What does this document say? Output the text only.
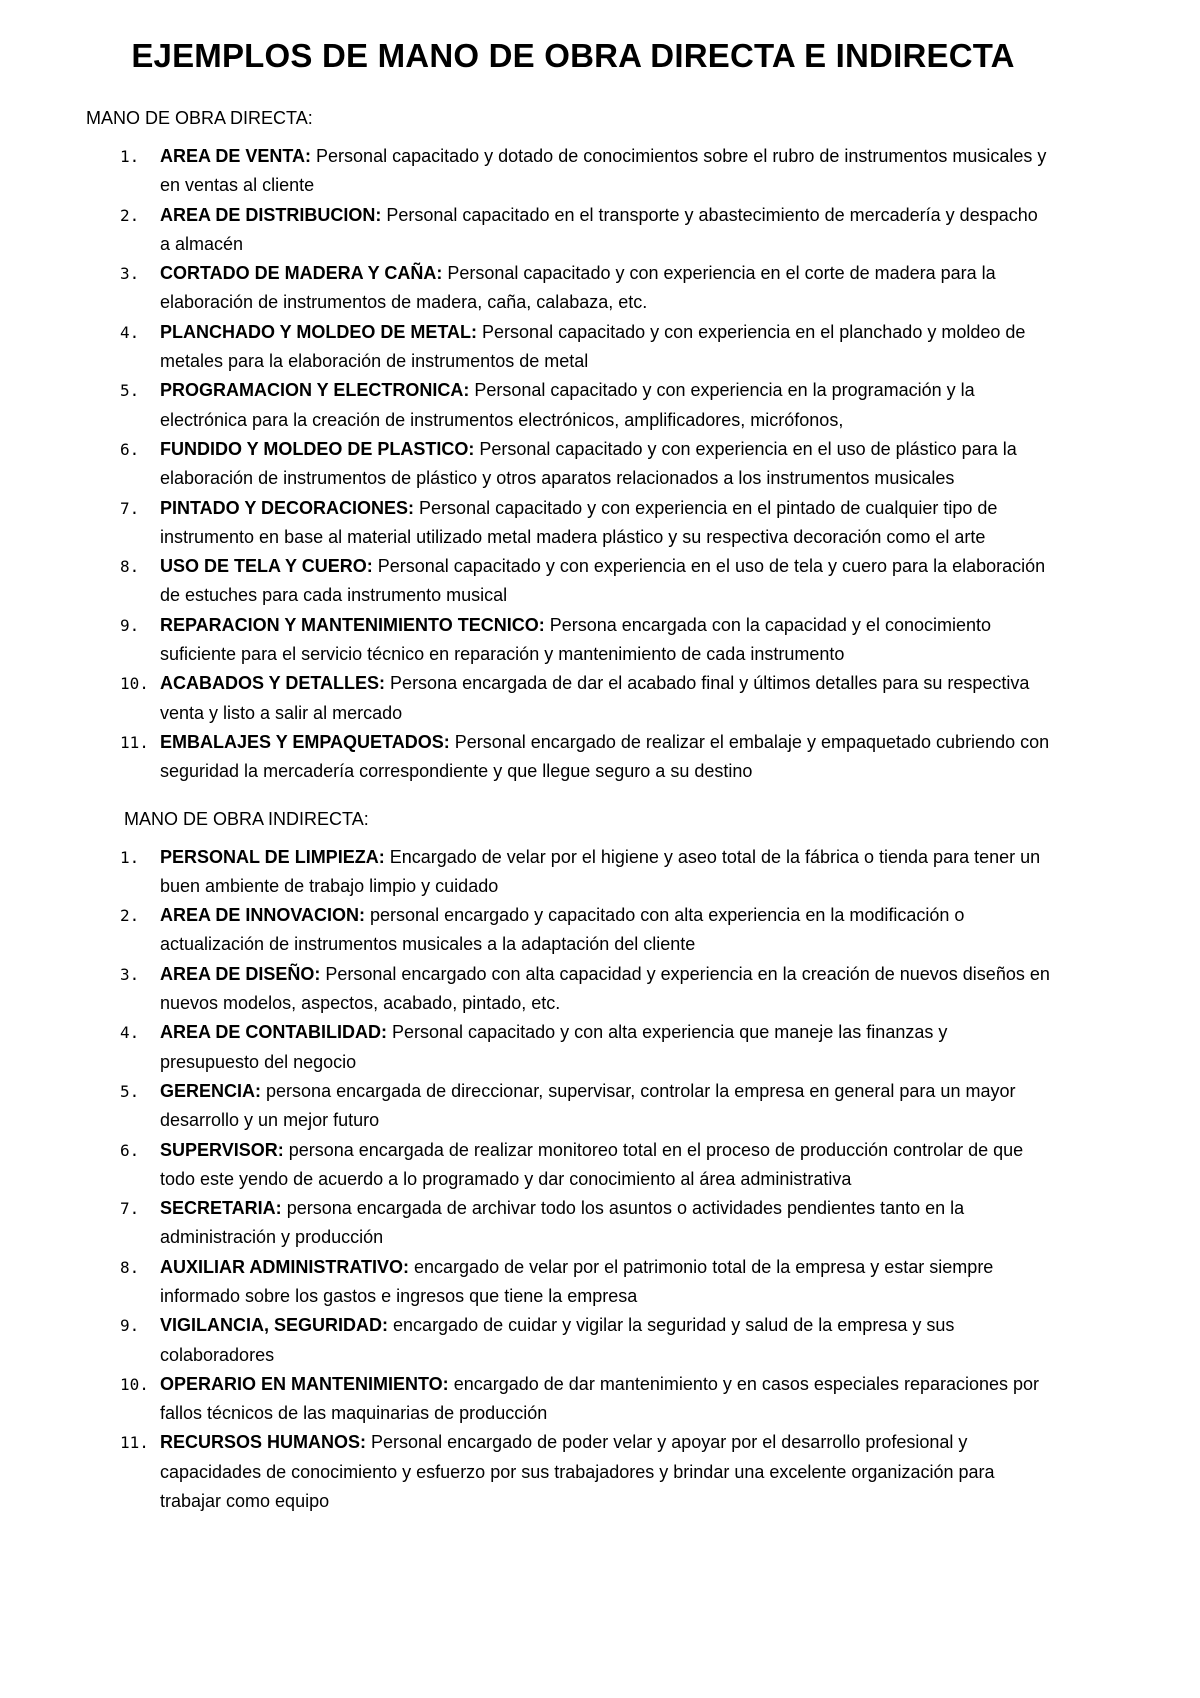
EJEMPLOS DE MANO DE OBRA DIRECTA E INDIRECTA
MANO DE OBRA DIRECTA:
1. AREA DE VENTA: Personal capacitado y dotado de conocimientos sobre el rubro de instrumentos musicales y en ventas al cliente
2. AREA DE DISTRIBUCION: Personal capacitado en el transporte y abastecimiento de mercadería y despacho a almacén
3. CORTADO DE MADERA Y CAÑA: Personal capacitado y con experiencia en el corte de madera para la elaboración de instrumentos de madera, caña, calabaza, etc.
4. PLANCHADO Y MOLDEO DE METAL: Personal capacitado y con experiencia en el planchado y moldeo de metales para la elaboración de instrumentos de metal
5. PROGRAMACION Y ELECTRONICA: Personal capacitado y con experiencia en la programación y la electrónica para la creación de instrumentos electrónicos, amplificadores, micrófonos,
6. FUNDIDO Y MOLDEO DE PLASTICO: Personal capacitado y con experiencia en el uso de plástico para la elaboración de instrumentos de plástico y otros aparatos relacionados a los instrumentos musicales
7. PINTADO Y DECORACIONES: Personal capacitado y con experiencia en el pintado de cualquier tipo de instrumento en base al material utilizado metal madera plástico y su respectiva decoración como el arte
8. USO DE TELA Y CUERO: Personal capacitado y con experiencia en el uso de tela y cuero para la elaboración de estuches para cada instrumento musical
9. REPARACION Y MANTENIMIENTO TECNICO: Persona encargada con la capacidad y el conocimiento suficiente para el servicio técnico en reparación y mantenimiento de cada instrumento
10. ACABADOS Y DETALLES: Persona encargada de dar el acabado final y últimos detalles para su respectiva venta y listo a salir al mercado
11. EMBALAJES Y EMPAQUETADOS: Personal encargado de realizar el embalaje y empaquetado cubriendo con seguridad la mercadería correspondiente y que llegue seguro a su destino
MANO DE OBRA INDIRECTA:
1. PERSONAL DE LIMPIEZA: Encargado de velar por el higiene y aseo total de la fábrica o tienda para tener un buen ambiente de trabajo limpio y cuidado
2. AREA DE INNOVACION: personal encargado y capacitado con alta experiencia en la modificación o actualización de instrumentos musicales a la adaptación del cliente
3. AREA DE DISEÑO: Personal encargado con alta capacidad y experiencia en la creación de nuevos diseños en nuevos modelos, aspectos, acabado, pintado, etc.
4. AREA DE CONTABILIDAD: Personal capacitado y con alta experiencia que maneje las finanzas y presupuesto del negocio
5. GERENCIA: persona encargada de direccionar, supervisar, controlar la empresa en general para un mayor desarrollo y un mejor futuro
6. SUPERVISOR: persona encargada de realizar monitoreo total en el proceso de producción controlar de que todo este yendo de acuerdo a lo programado y dar conocimiento al área administrativa
7. SECRETARIA: persona encargada de archivar todo los asuntos o actividades pendientes tanto en la administración y producción
8. AUXILIAR ADMINISTRATIVO: encargado de velar por el patrimonio total de la empresa y estar siempre informado sobre los gastos e ingresos que tiene la empresa
9. VIGILANCIA, SEGURIDAD: encargado de cuidar y vigilar la seguridad y salud de la empresa y sus colaboradores
10. OPERARIO EN MANTENIMIENTO: encargado de dar mantenimiento y en casos especiales reparaciones por fallos técnicos de las maquinarias de producción
11. RECURSOS HUMANOS: Personal encargado de poder velar y apoyar por el desarrollo profesional y capacidades de conocimiento y esfuerzo por sus trabajadores y brindar una excelente organización para trabajar como equipo
